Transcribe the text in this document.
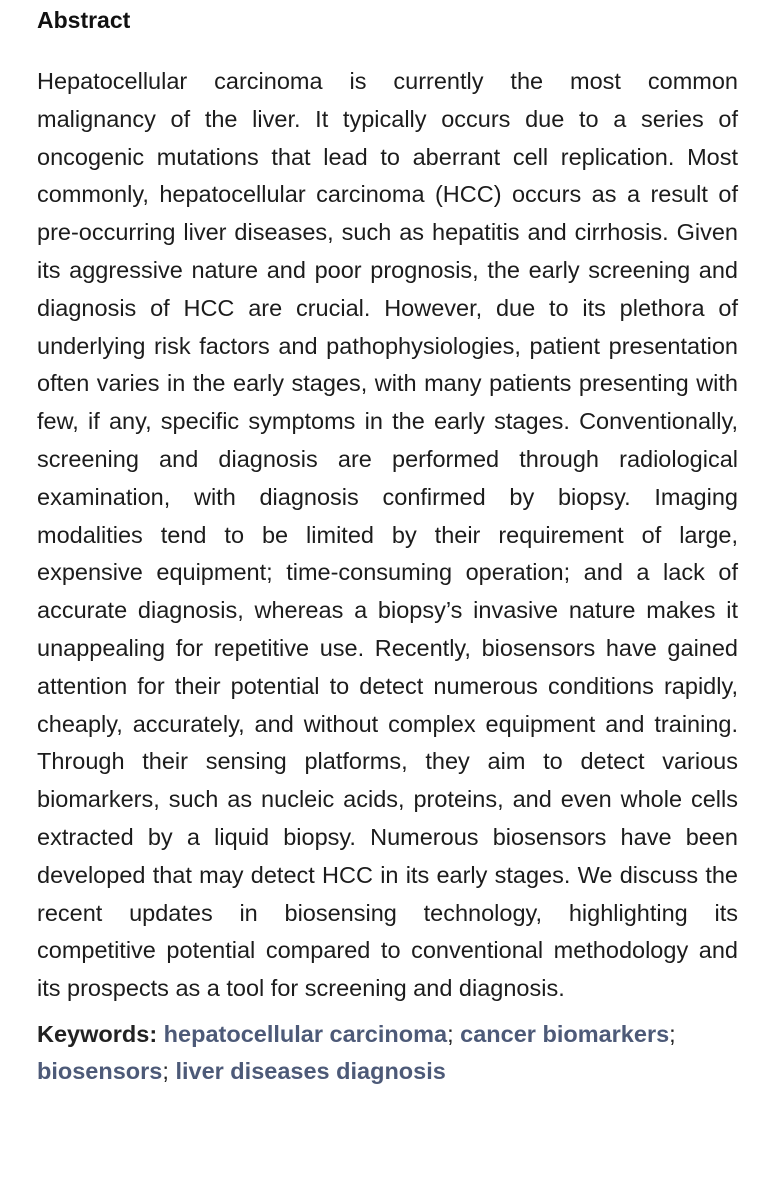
Abstract

Hepatocellular carcinoma is currently the most common malignancy of the liver. It typically occurs due to a series of oncogenic mutations that lead to aberrant cell replication. Most commonly, hepatocellular carcinoma (HCC) occurs as a result of pre-occurring liver diseases, such as hepatitis and cirrhosis. Given its aggressive nature and poor prognosis, the early screening and diagnosis of HCC are crucial. However, due to its plethora of underlying risk factors and pathophysiologies, patient presentation often varies in the early stages, with many patients presenting with few, if any, specific symptoms in the early stages. Conventionally, screening and diagnosis are performed through radiological examination, with diagnosis confirmed by biopsy. Imaging modalities tend to be limited by their requirement of large, expensive equipment; time-consuming operation; and a lack of accurate diagnosis, whereas a biopsy’s invasive nature makes it unappealing for repetitive use. Recently, biosensors have gained attention for their potential to detect numerous conditions rapidly, cheaply, accurately, and without complex equipment and training. Through their sensing platforms, they aim to detect various biomarkers, such as nucleic acids, proteins, and even whole cells extracted by a liquid biopsy. Numerous biosensors have been developed that may detect HCC in its early stages. We discuss the recent updates in biosensing technology, highlighting its competitive potential compared to conventional methodology and its prospects as a tool for screening and diagnosis.

Keywords: hepatocellular carcinoma; cancer biomarkers; biosensors; liver diseases diagnosis
